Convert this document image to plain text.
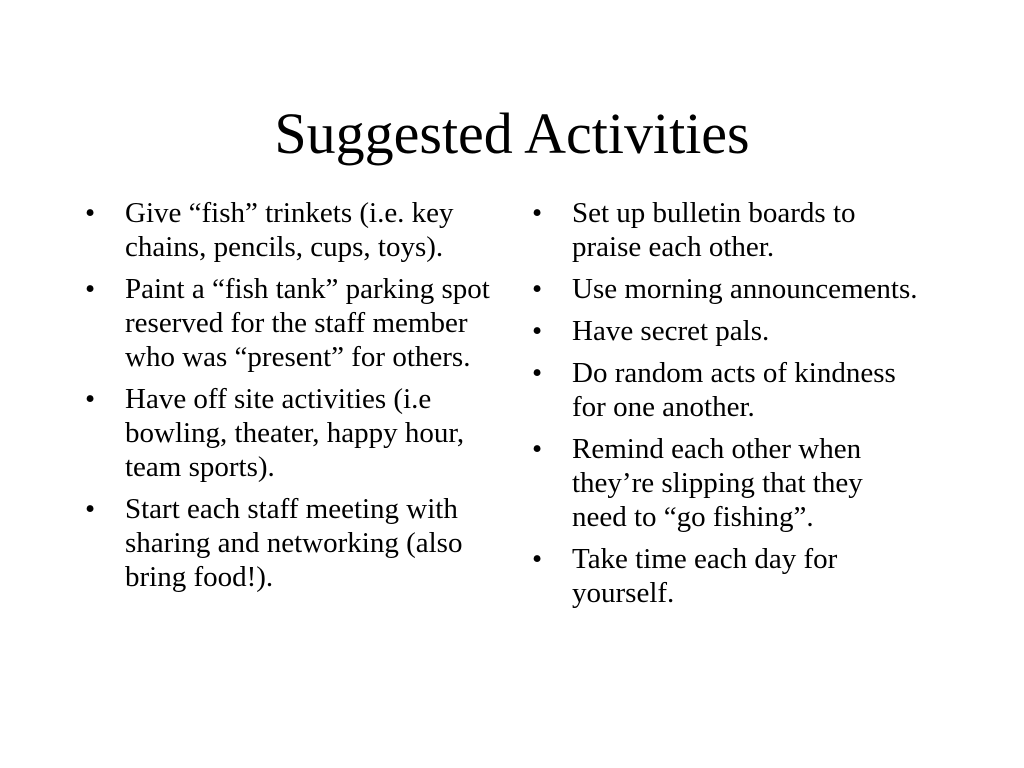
Suggested Activities
•	Give “fish” trinkets (i.e. key chains, pencils, cups, toys).
•	Paint a “fish tank” parking spot reserved for the staff member who was “present” for others.
•	Have off site activities (i.e bowling, theater, happy hour, team sports).
•	Start each staff meeting with sharing and networking (also bring food!).
•	Set up bulletin boards to praise each other.
•	Use morning announcements.
•	Have secret pals.
•	Do random acts of kindness for one another.
•	Remind each other when they’re slipping that they need to “go fishing”.
•	Take time each day for yourself.
